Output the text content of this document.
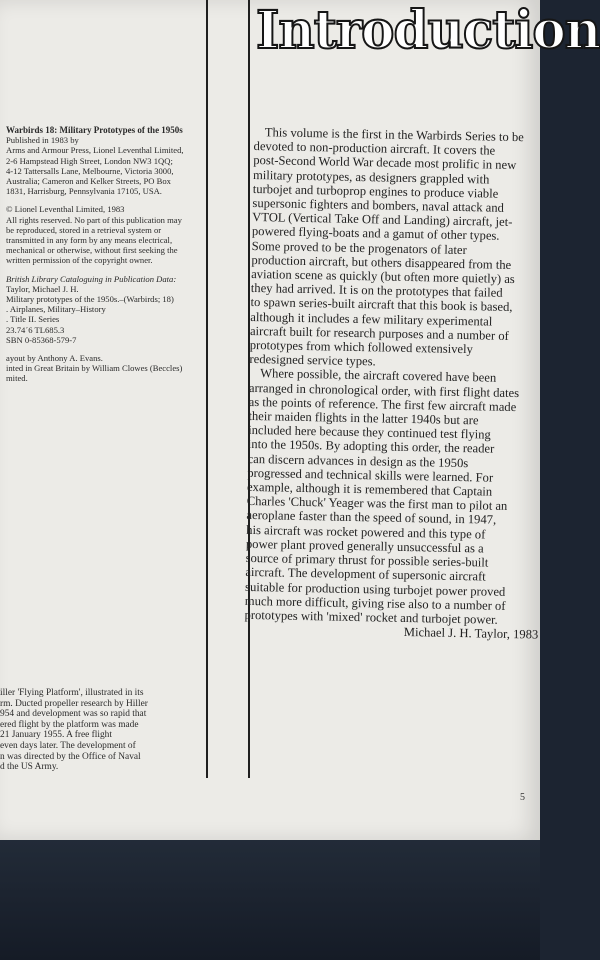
Introduction
Warbirds 18: Military Prototypes of the 1950s
Published in 1983 by
Arms and Armour Press, Lionel Leventhal Limited,
2-6 Hampstead High Street, London NW3 1QQ;
4-12 Tattersalls Lane, Melbourne, Victoria 3000,
Australia; Cameron and Kelker Streets, PO Box
1831, Harrisburg, Pennsylvania 17105, USA.
© Lionel Leventhal Limited, 1983
All rights reserved. No part of this publication may
be reproduced, stored in a retrieval system or
transmitted in any form by any means electrical,
mechanical or otherwise, without first seeking the
written permission of the copyright owner.
British Library Cataloguing in Publication Data:
Taylor, Michael J. H.
Military prototypes of the 1950s.–(Warbirds; 18)
. Airplanes, Military–History
. Title II. Series
23.74´6 TL685.3
SBN 0-85368-579-7
ayout by Anthony A. Evans.
inted in Great Britain by William Clowes (Beccles)
mited.
iller 'Flying Platform', illustrated in its
rm. Ducted propeller research by Hiller
954 and development was so rapid that
ered flight by the platform was made
21 January 1955. A free flight
even days later. The development of
n was directed by the Office of Naval
d the US Army.
This volume is the first in the Warbirds Series to be
devoted to non-production aircraft. It covers the
post-Second World War decade most prolific in new
military prototypes, as designers grappled with
turbojet and turboprop engines to produce viable
supersonic fighters and bombers, naval attack and
VTOL (Vertical Take Off and Landing) aircraft, jet-
powered flying-boats and a gamut of other types.
Some proved to be the progenators of later
production aircraft, but others disappeared from the
aviation scene as quickly (but often more quietly) as
they had arrived. It is on the prototypes that failed
to spawn series-built aircraft that this book is based,
although it includes a few military experimental
aircraft built for research purposes and a number of
prototypes from which followed extensively
redesigned service types.
Where possible, the aircraft covered have been
arranged in chronological order, with first flight dates
as the points of reference. The first few aircraft made
their maiden flights in the latter 1940s but are
included here because they continued test flying
into the 1950s. By adopting this order, the reader
can discern advances in design as the 1950s
progressed and technical skills were learned. For
example, although it is remembered that Captain
Charles 'Chuck' Yeager was the first man to pilot an
aeroplane faster than the speed of sound, in 1947,
his aircraft was rocket powered and this type of
power plant proved generally unsuccessful as a
source of primary thrust for possible series-built
aircraft. The development of supersonic aircraft
suitable for production using turbojet power proved
much more difficult, giving rise also to a number of
prototypes with 'mixed' rocket and turbojet power.
Michael J. H. Taylor, 1983
5
